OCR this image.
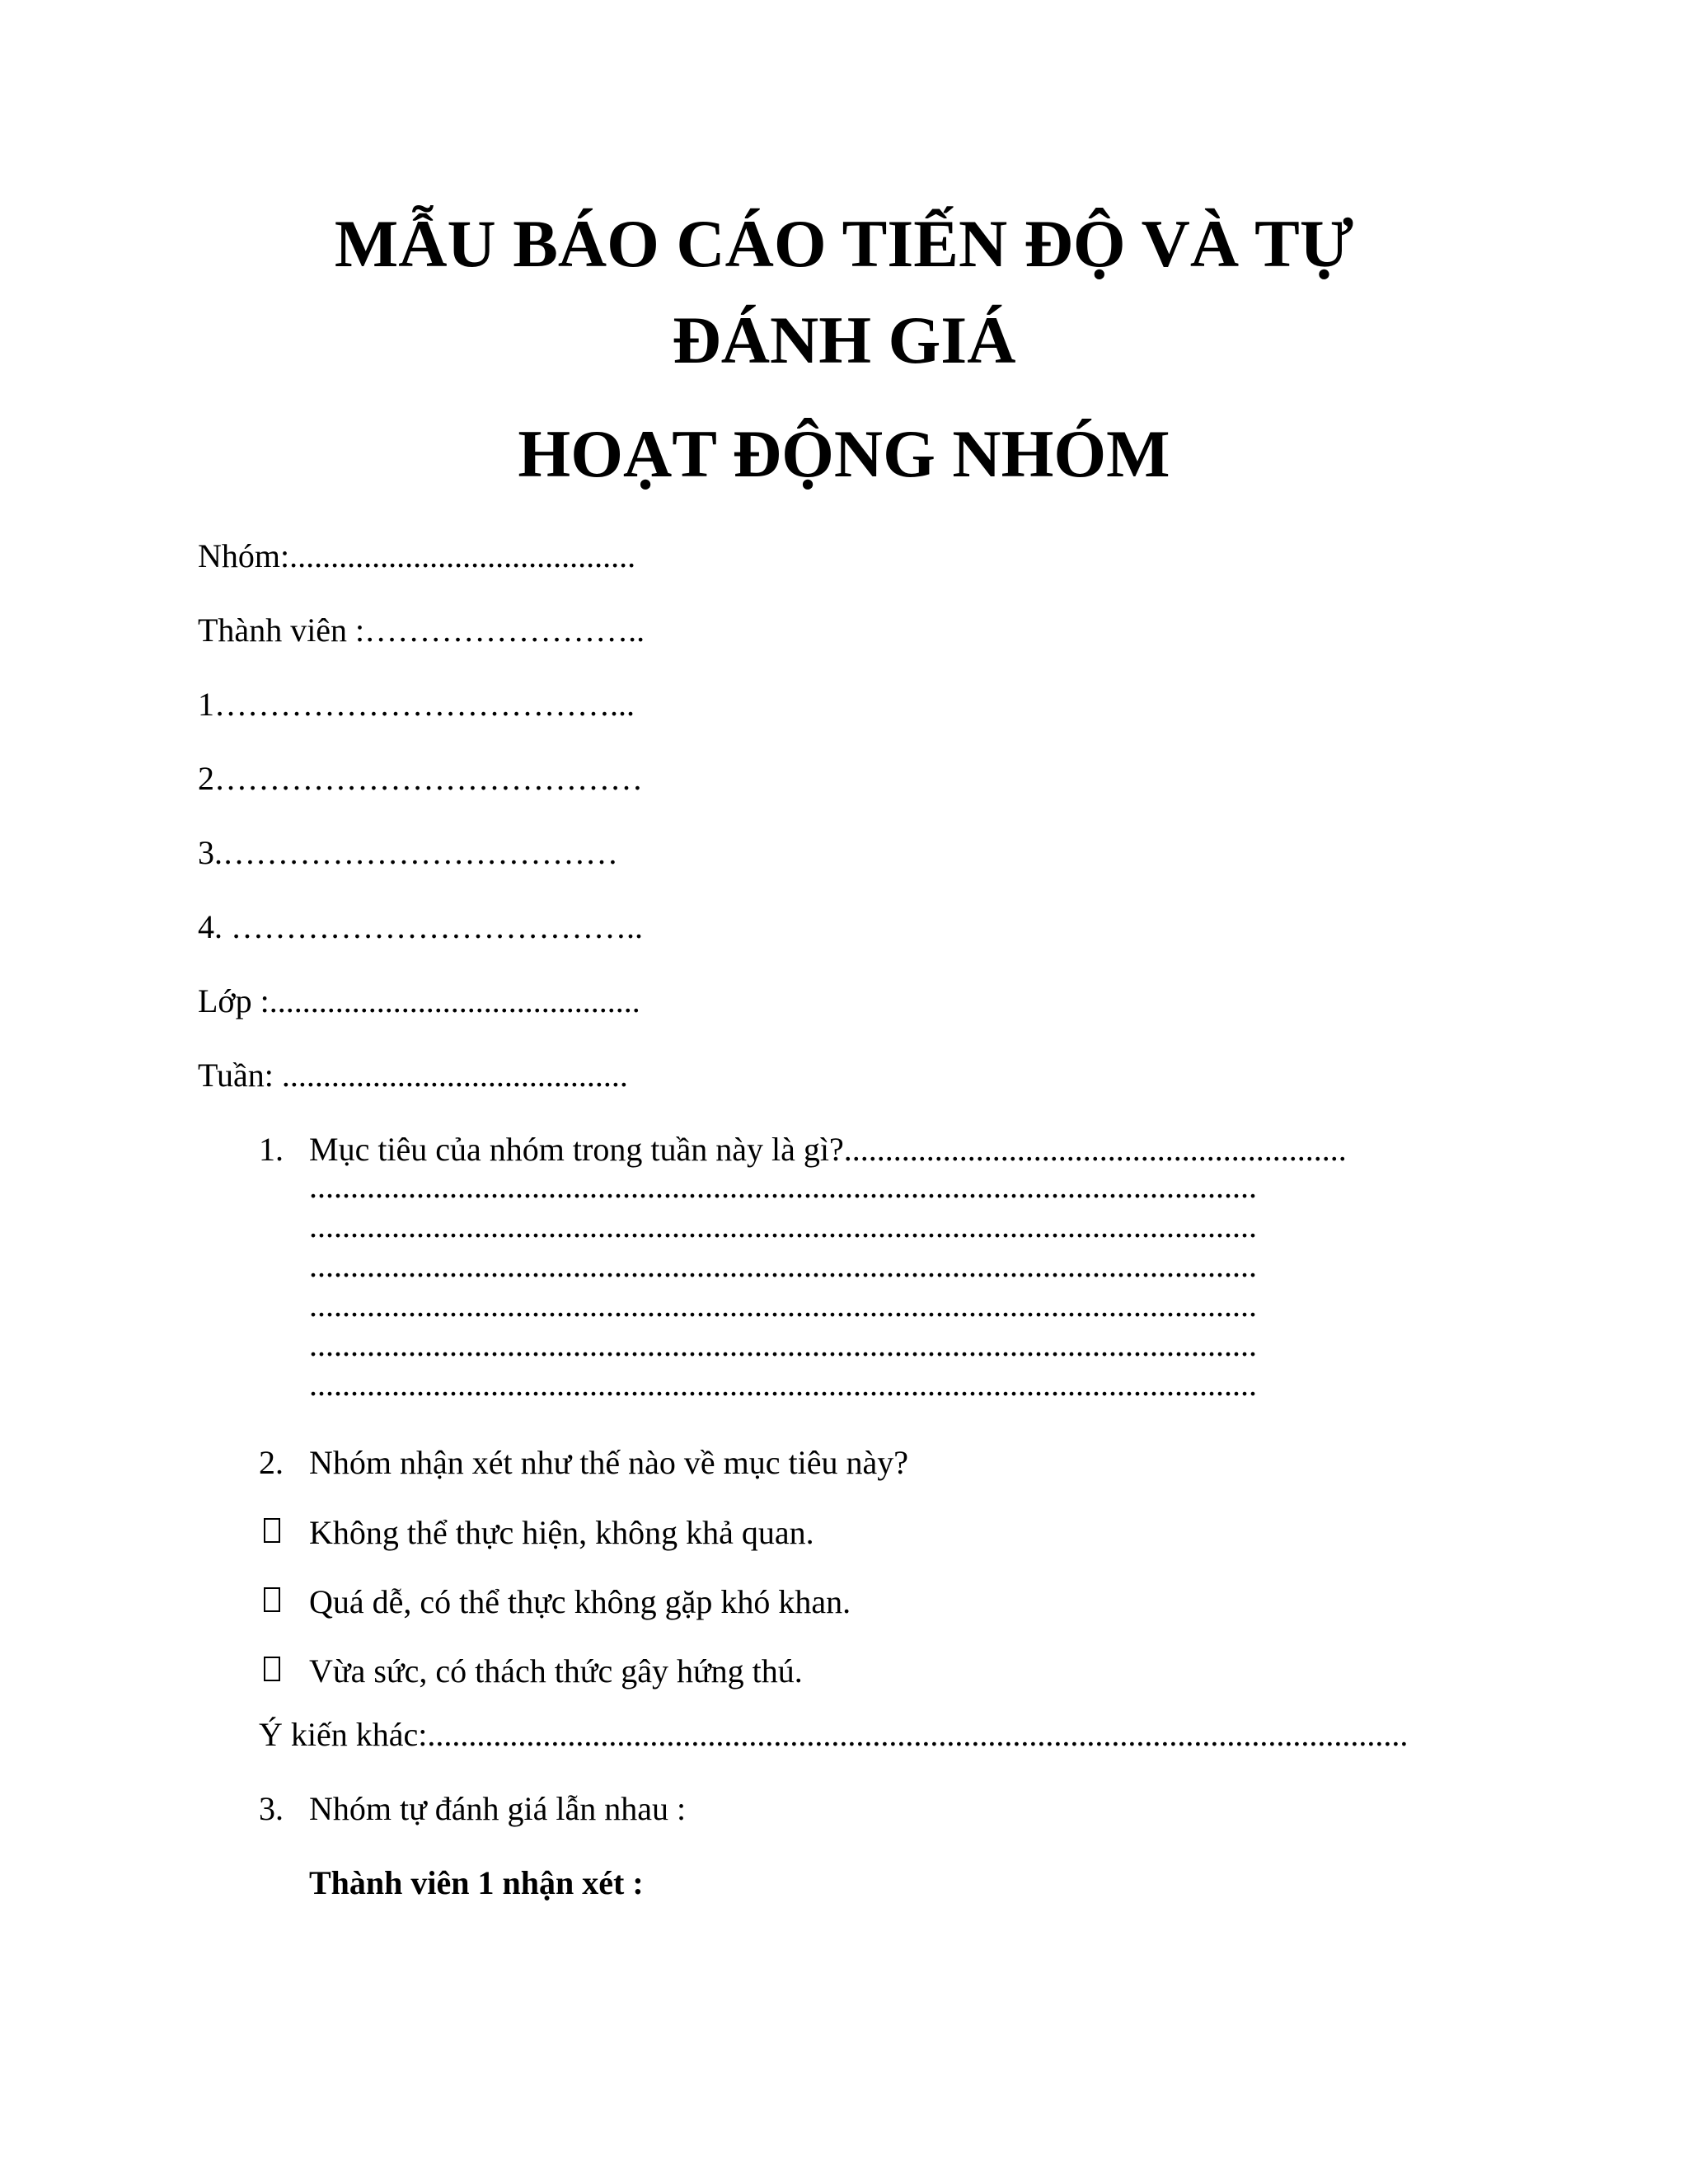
MẪU BÁO CÁO TIẾN ĐỘ VÀ TỰ
ĐÁNH GIÁ
HOẠT ĐỘNG NHÓM
Nhóm:..........................................
Thành viên :……………………..
1………………………………...
2…………………………………
3.………………………………
4. ………………………………..
Lớp :.............................................
Tuần: ..........................................
1. Mục tiêu của nhóm trong tuần này là gì?.............................................................
...................................................................................................................
...................................................................................................................
...................................................................................................................
...................................................................................................................
...................................................................................................................
...................................................................................................................
2. Nhóm nhận xét như thế nào về mục tiêu này?
Không thể thực hiện, không khả quan.
Quá dễ, có thể thực không gặp khó khan.
Vừa sức, có thách thức gây hứng thú.
Ý kiến khác:.......................................................................................................................
3. Nhóm tự đánh giá lẫn nhau :
Thành viên 1 nhận xét :
